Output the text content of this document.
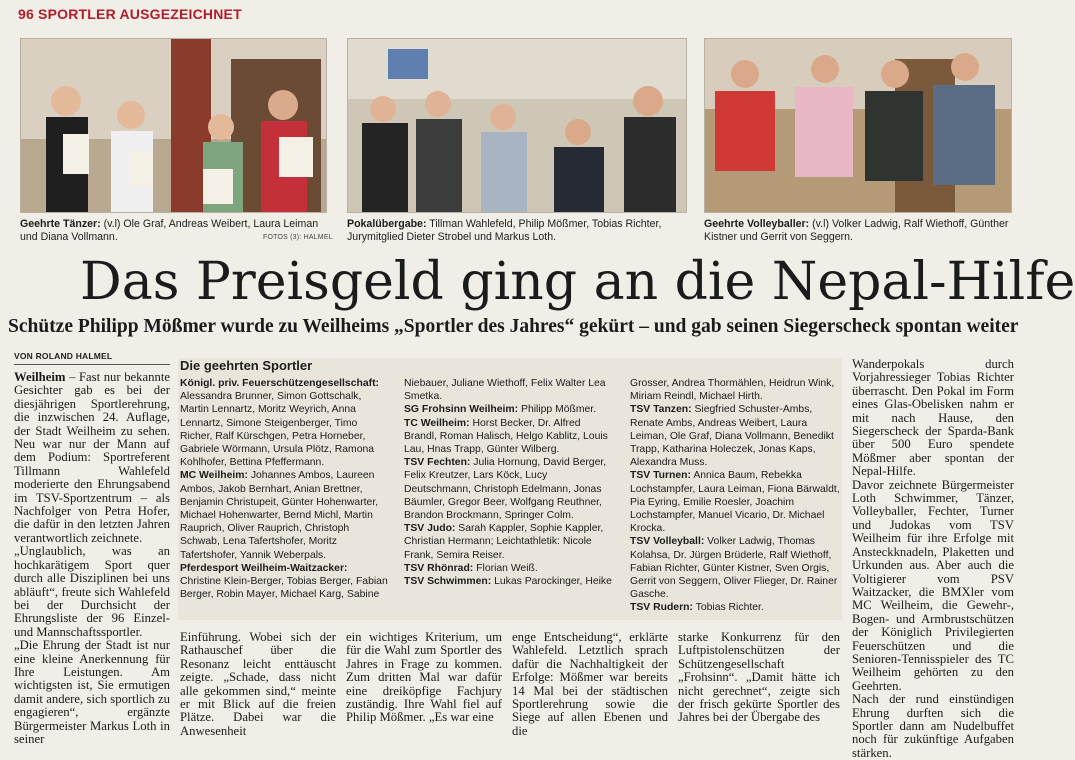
96 SPORTLER AUSGEZEICHNET
Geehrte Tänzer: (v.l) Ole Graf, Andreas Weibert, Laura Leiman und Diana Vollmann.	FOTOS (3): HALMEL
Pokalübergabe: Tillman Wahlefeld, Philip Mößmer, Tobias Richter, Jurymitglied Dieter Strobel und Markus Loth.
Geehrte Volleyballer: (v.l) Volker Ladwig, Ralf Wiethoff, Günther Kistner und Gerrit von Seggern.
Das Preisgeld ging an die Nepal-Hilfe
Schütze Philipp Mößmer wurde zu Weilheims „Sportler des Jahres“ gekürt – und gab seinen Siegerscheck spontan weiter
VON ROLAND HALMEL
Weilheim – Fast nur bekannte Gesichter gab es bei der diesjährigen Sportlerehrung, die inzwischen 24. Auflage, der Stadt Weilheim zu sehen. Neu war nur der Mann auf dem Podium: Sportreferent Tillmann Wahlefeld moderierte den Ehrungsabend im TSV-Sportzentrum – als Nachfolger von Petra Hofer, die dafür in den letzten Jahren verantwortlich zeichnete.
„Unglaublich, was an hochkarätigem Sport quer durch alle Disziplinen bei uns abläuft“, freute sich Wahlefeld bei der Durchsicht der Ehrungsliste der 96 Einzel- und Mannschaftssportler.
„Die Ehrung der Stadt ist nur eine kleine Anerkennung für Ihre Leistungen. Am wichtigsten ist, Sie ermutigen damit andere, sich sportlich zu engagieren“, ergänzte Bürgermeister Markus Loth in seiner
Die geehrten Sportler
Königl. priv. Feuerschützengesellschaft: Alessandra Brunner, Simon Gottschalk, Martin Lennartz, Moritz Weyrich, Anna Lennartz, Simone Steigenberger, Timo Richer, Ralf Kürschgen, Petra Horneber, Gabriele Wörmann, Ursula Plötz, Ramona Kohlhofer, Bettina Pfeffermann.
MC Weilheim: Johannes Ambos, Laureen Ambos, Jakob Bernhart, Anian Brettner, Benjamin Christupeit, Günter Hohenwarter, Michael Hohenwarter, Bernd Michl, Martin Rauprich, Oliver Rauprich, Christoph Schwab, Lena Tafertshofer, Moritz Tafertshofer, Yannik Weberpals.
Pferdesport Weilheim-Waitzacker: Christine Klein-Berger, Tobias Berger, Fabian Berger, Robin Mayer, Michael Karg, Sabine
Niebauer, Juliane Wiethoff, Felix Walter Lea Smetka.
SG Frohsinn Weilheim: Philipp Mößmer.
TC Weilheim: Horst Becker, Dr. Alfred Brandl, Roman Halisch, Helgo Kablitz, Louis Lau, Hnas Trapp, Günter Wilberg.
TSV Fechten: Julia Hornung, David Berger, Felix Kreutzer, Lars Köck, Lucy Deutschmann, Christoph Edelmann, Jonas Bäumler, Gregor Beer, Wolfgang Reuthner, Brandon Brockmann, Springer Colm.
TSV Judo: Sarah Kappler, Sophie Kappler, Christian Hermann; Leichtathletik: Nicole Frank, Semira Reiser.
TSV Rhönrad: Florian Weiß.
TSV Schwimmen: Lukas Parockinger, Heike
Grosser, Andrea Thormählen, Heidrun Wink, Miriam Reindl, Michael Hirth.
TSV Tanzen: Siegfried Schuster-Ambs, Renate Ambs, Andreas Weibert, Laura Leiman, Ole Graf, Diana Vollmann, Benedikt Trapp, Katharina Holeczek, Jonas Kaps, Alexandra Muss.
TSV Turnen: Annica Baum, Rebekka Lochstampfer, Laura Leiman, Fiona Bärwaldt, Pia Eyring, Emilie Roesler, Joachim Lochstampfer, Manuel Vicario, Dr. Michael Krocka.
TSV Volleyball: Volker Ladwig, Thomas Kolahsa, Dr. Jürgen Brüderle, Ralf Wiethoff, Fabian Richter, Günter Kistner, Sven Orgis, Gerrit von Seggern, Oliver Flieger, Dr. Rainer Gasche.
TSV Rudern: Tobias Richter.
Einführung. Wobei sich der Rathauschef über die Resonanz leicht enttäuscht zeigte. „Schade, dass nicht alle gekommen sind,“ meinte er mit Blick auf die freien Plätze. Dabei war die Anwesenheit
ein wichtiges Kriterium, um für die Wahl zum Sportler des Jahres in Frage zu kommen. Zum dritten Mal war dafür eine dreiköpfige Fachjury zuständig. Ihre Wahl fiel auf Philip Mößmer. „Es war eine
enge Entscheidung“, erklärte Wahlefeld. Letztlich sprach dafür die Nachhaltigkeit der Erfolge: Mößmer war bereits 14 Mal bei der städtischen Sportlerehrung sowie die Siege auf allen Ebenen und die
starke Konkurrenz für den Luftpistolenschützen der Schützengesellschaft „Frohsinn“. „Damit hätte ich nicht gerechnet“, zeigte sich der frisch gekürte Sportler des Jahres bei der Übergabe des
Wanderpokals durch Vorjahressieger Tobias Richter überrascht. Den Pokal im Form eines Glas-Obelisken nahm er mit nach Hause, den Siegerscheck der Sparda-Bank über 500 Euro spendete Mößmer aber spontan der Nepal-Hilfe.
Davor zeichnete Bürgermeister Loth Schwimmer, Tänzer, Volleyballer, Fechter, Turner und Judokas vom TSV Weilheim für ihre Erfolge mit Ansteckknadeln, Plaketten und Urkunden aus. Aber auch die Voltigierer vom PSV Waitzacker, die BMXler vom MC Weilheim, die Gewehr-, Bogen- und Armbrustschützen der Königlich Privilegierten Feuerschützen und die Senioren-Tennisspieler des TC Weilheim gehörten zu den Geehrten.
Nach der rund einstündigen Ehrung durften sich die Sportler dann am Nudelbuffet noch für zukünftige Aufgaben stärken.
